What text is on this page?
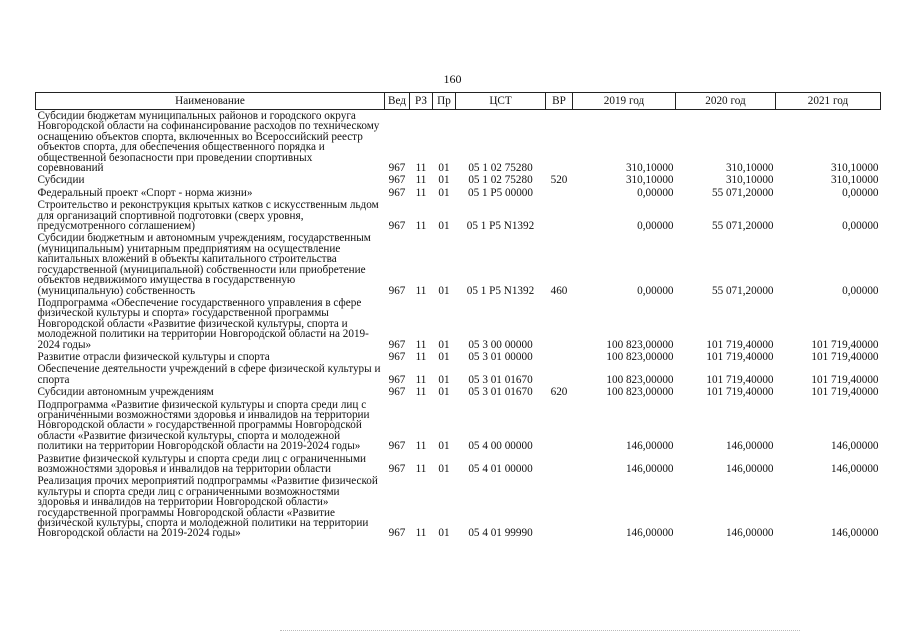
160
Наименование	Вед	РЗ	Пр	ЦСТ	ВР	2019 год	2020 год	2021 год
Субсидии бюджетам муниципальных районов и городского округа Новгородской области на софинансирование расходов по техническому оснащению объектов спорта, включенных во Всероссийский реестр объектов спорта, для обеспечения общественного порядка и общественной безопасности при проведении спортивных соревнований	967	11	01	05 1 02 75280		310,10000	310,10000	310,10000
Субсидии	967	11	01	05 1 02 75280	520	310,10000	310,10000	310,10000
Федеральный проект «Спорт - норма жизни»	967	11	01	05 1 P5 00000		0,00000	55 071,20000	0,00000
Строительство и реконструкция крытых катков с искусственным льдом для организаций спортивной подготовки (сверх уровня, предусмотренного соглашением)	967	11	01	05 1 P5 N1392		0,00000	55 071,20000	0,00000
Субсидии бюджетным и автономным учреждениям, государственным (муниципальным) унитарным предприятиям на осуществление капитальных вложений в объекты капитального строительства государственной (муниципальной) собственности или приобретение объектов недвижимого имущества в государственную (муниципальную) собственность	967	11	01	05 1 P5 N1392	460	0,00000	55 071,20000	0,00000
Подпрограмма «Обеспечение государственного управления в сфере физической культуры и спорта» государственной программы Новгородской области «Развитие физической культуры, спорта и молодежной политики на территории Новгородской области на 2019-2024 годы»	967	11	01	05 3 00 00000		100 823,00000	101 719,40000	101 719,40000
Развитие отрасли физической культуры и спорта	967	11	01	05 3 01 00000		100 823,00000	101 719,40000	101 719,40000
Обеспечение деятельности учреждений в сфере физической культуры и спорта	967	11	01	05 3 01 01670		100 823,00000	101 719,40000	101 719,40000
Субсидии автономным учреждениям	967	11	01	05 3 01 01670	620	100 823,00000	101 719,40000	101 719,40000
Подпрограмма «Развитие физической культуры и спорта среди лиц с ограниченными возможностями здоровья и инвалидов на территории Новгородской области » государственной программы Новгородской области «Развитие физической культуры, спорта и молодежной политики на территории Новгородской области на 2019-2024 годы»	967	11	01	05 4 00 00000		146,00000	146,00000	146,00000
Развитие физической культуры и спорта среди лиц с ограниченными возможностями здоровья и инвалидов на территории области	967	11	01	05 4 01 00000		146,00000	146,00000	146,00000
Реализация прочих мероприятий подпрограммы «Развитие физической культуры и спорта среди лиц с ограниченными возможностями здоровья и инвалидов на территории Новгородской области» государственной программы Новгородской области «Развитие физической культуры, спорта и молодежной политики на территории Новгородской области на 2019-2024 годы»	967	11	01	05 4 01 99990		146,00000	146,00000	146,00000
